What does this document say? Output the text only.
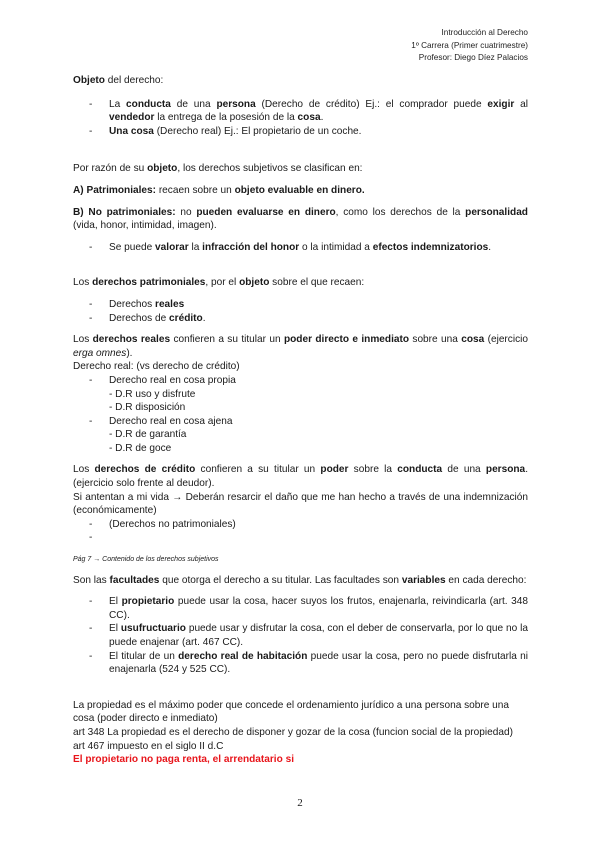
Introducción al Derecho
1º Carrera (Primer cuatrimestre)
Profesor: Diego Díez Palacios

Objeto del derecho:

- La conducta de una persona (Derecho de crédito) Ej.: el comprador puede exigir al vendedor la entrega de la posesión de la cosa.
- Una cosa (Derecho real) Ej.: El propietario de un coche.

Por razón de su objeto, los derechos subjetivos se clasifican en:

A) Patrimoniales: recaen sobre un objeto evaluable en dinero.

B) No patrimoniales: no pueden evaluarse en dinero, como los derechos de la personalidad (vida, honor, intimidad, imagen).

- Se puede valorar la infracción del honor o la intimidad a efectos indemnizatorios.

Los derechos patrimoniales, por el objeto sobre el que recaen:

- Derechos reales
- Derechos de crédito.

Los derechos reales confieren a su titular un poder directo e inmediato sobre una cosa (ejercicio erga omnes).

Derecho real: (vs derecho de crédito)

- Derecho real en cosa propia
- D.R uso y disfrute
- D.R disposición
- Derecho real en cosa ajena
- D.R de garantía
- D.R de goce

Los derechos de crédito confieren a su titular un poder sobre la conducta de una persona. (ejercicio solo frente al deudor).

Si antentan a mi vida → Deberán resarcir el daño que me han hecho a través de una indemnización (económicamente)

- (Derechos no patrimoniales)
-

Pág 7 → Contenido de los derechos subjetivos

Son las facultades que otorga el derecho a su titular. Las facultades son variables en cada derecho:

- El propietario puede usar la cosa, hacer suyos los frutos, enajenarla, reivindicarla (art. 348 CC).
- El usufructuario puede usar y disfrutar la cosa, con el deber de conservarla, por lo que no la puede enajenar (art. 467 CC).
- El titular de un derecho real de habitación puede usar la cosa, pero no puede disfrutarla ni enajenarla (524 y 525 CC).

La propiedad es el máximo poder que concede el ordenamiento jurídico a una persona sobre una cosa (poder directo e inmediato)

art 348 La propiedad es el derecho de disponer y gozar de la cosa (funcion social de la propiedad)

art 467 impuesto en el siglo II d.C

El propietario no paga renta, el arrendatario si

2
